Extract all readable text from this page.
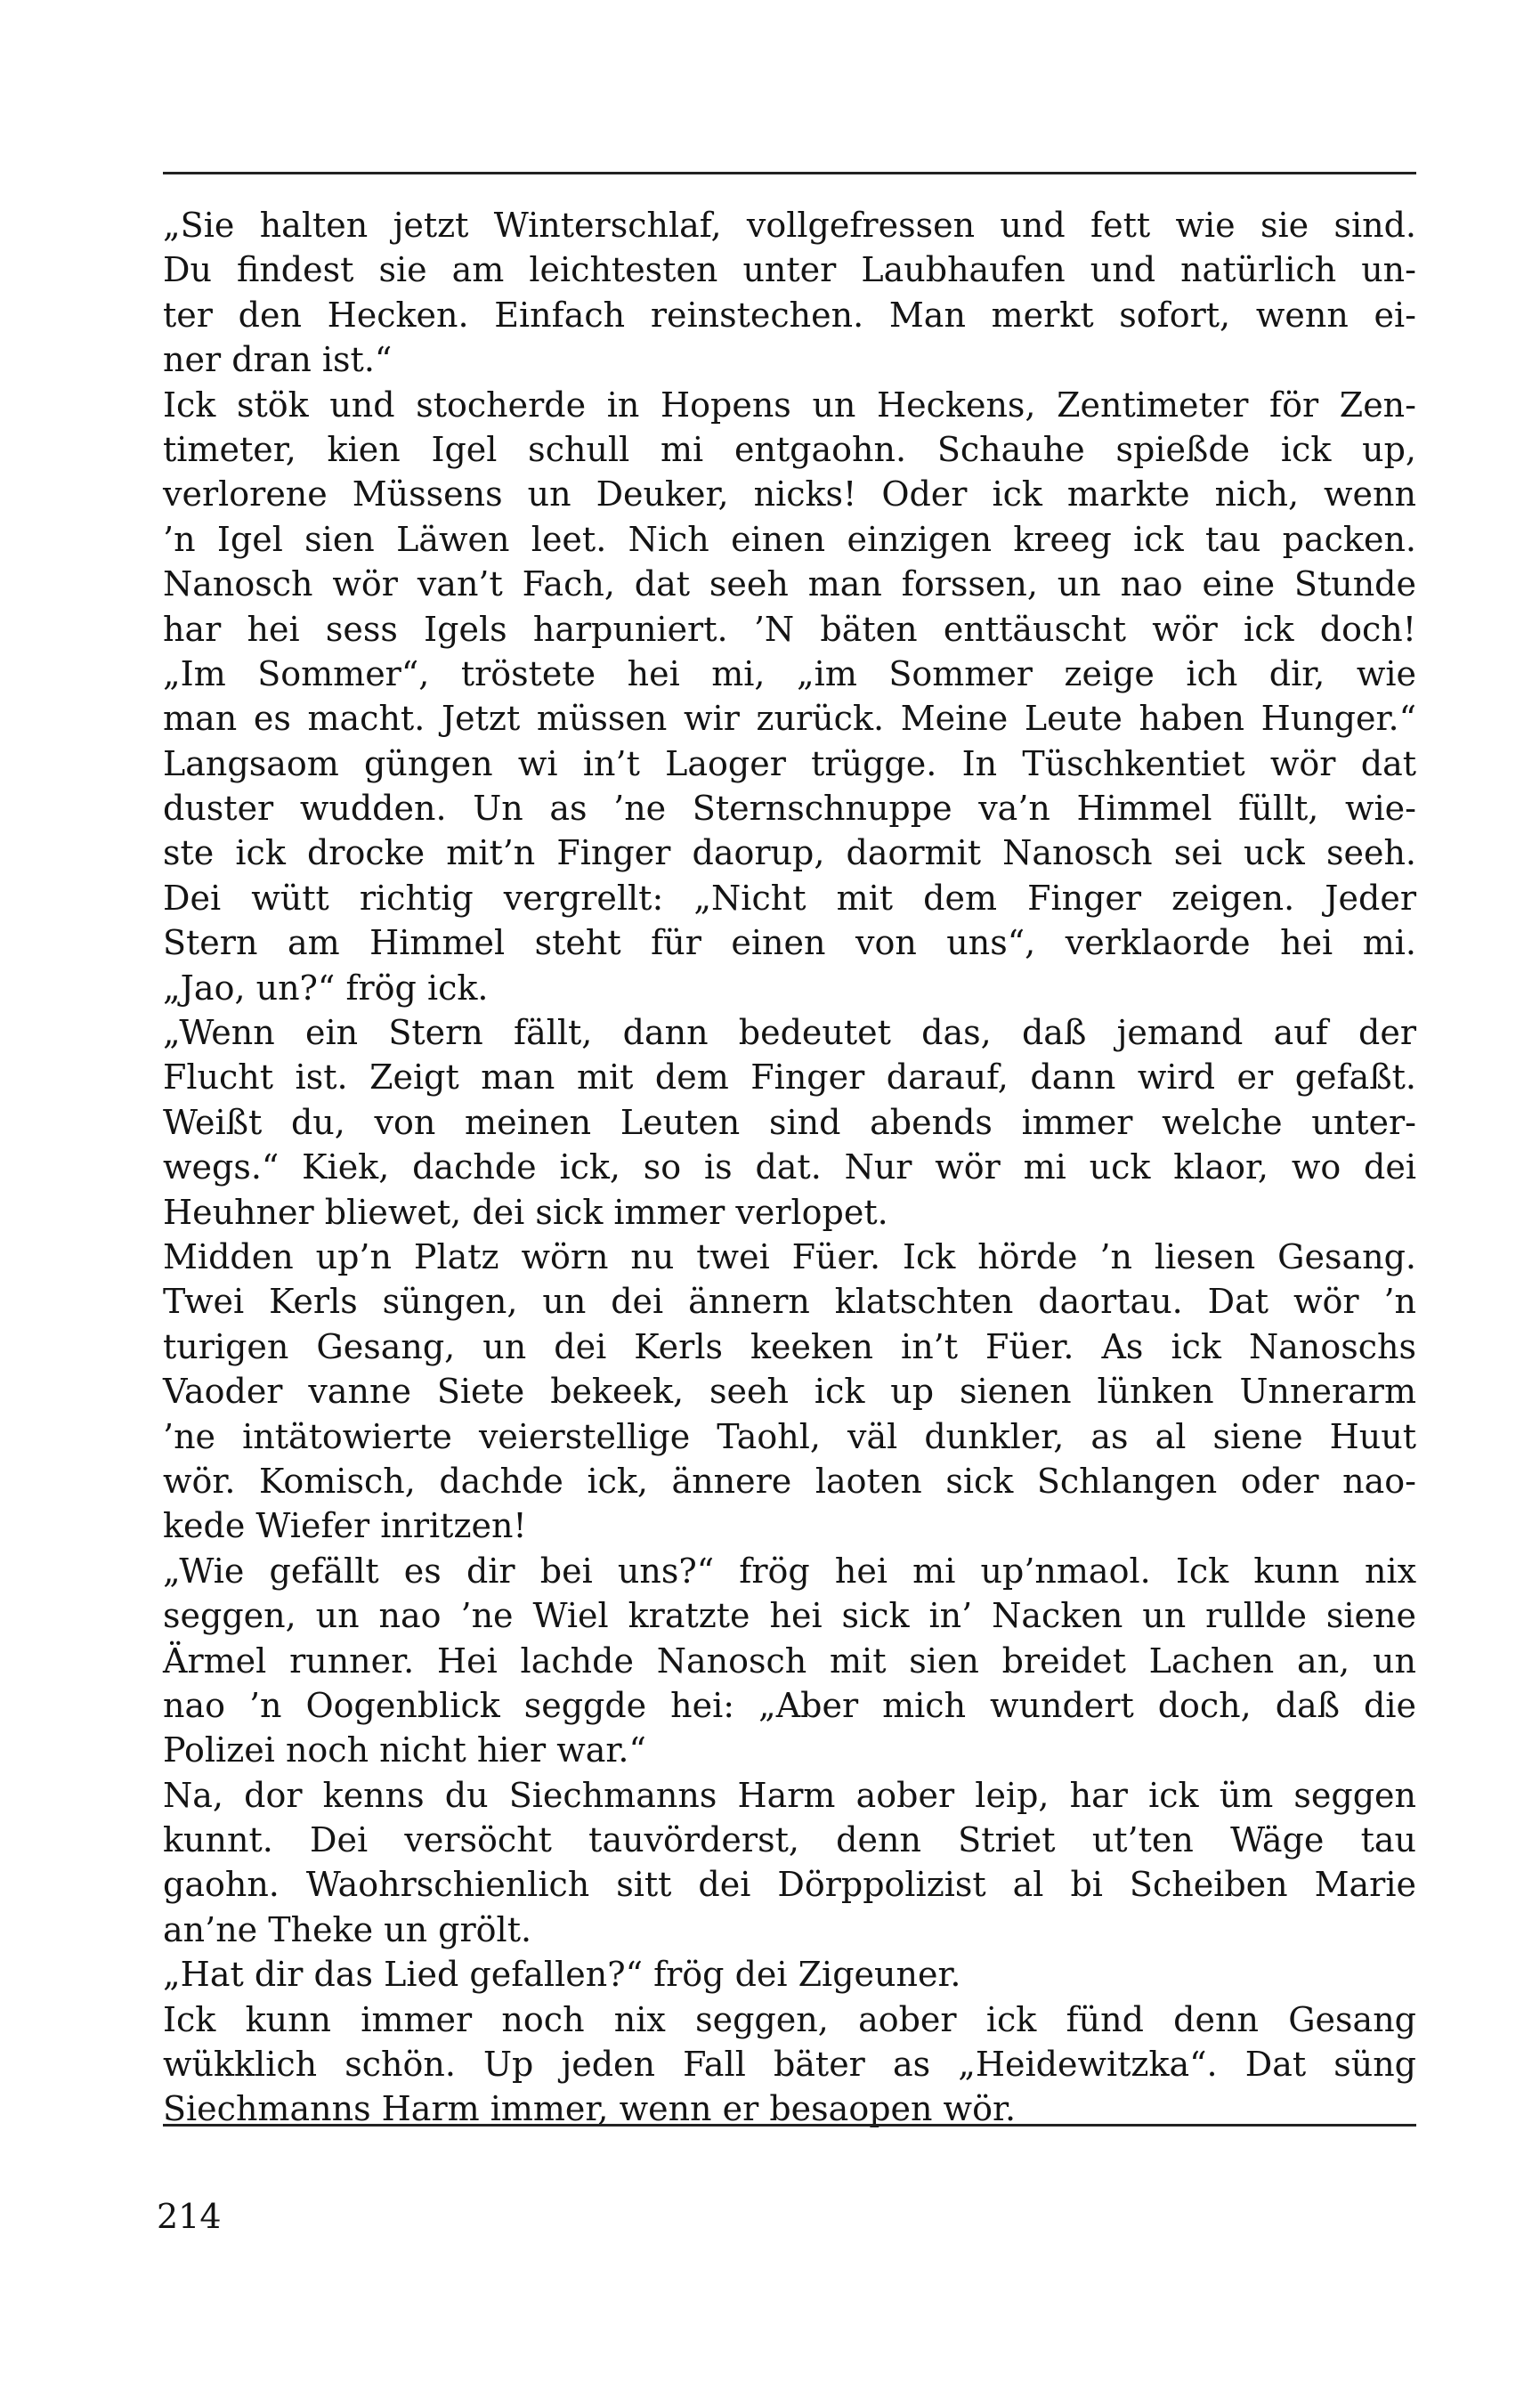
„Sie halten jetzt Winterschlaf, vollgefressen und fett wie sie sind.
Du findest sie am leichtesten unter Laubhaufen und natürlich un-
ter den Hecken. Einfach reinstechen. Man merkt sofort, wenn ei-
ner dran ist.“
Ick stök und stocherde in Hopens un Heckens, Zentimeter för Zen-
timeter, kien Igel schull mi entgaohn. Schauhe spießde ick up,
verlorene Müssens un Deuker, nicks! Oder ick markte nich, wenn
’n Igel sien Läwen leet. Nich einen einzigen kreeg ick tau packen.
Nanosch wör van’t Fach, dat seeh man forssen, un nao eine Stunde
har hei sess Igels harpuniert. ’N bäten enttäuscht wör ick doch!
„Im Sommer“, tröstete hei mi, „im Sommer zeige ich dir, wie
man es macht. Jetzt müssen wir zurück. Meine Leute haben Hunger.“
Langsaom güngen wi in’t Laoger trügge. In Tüschkentiet wör dat
duster wudden. Un as ’ne Sternschnuppe va’n Himmel füllt, wie-
ste ick drocke mit’n Finger daorup, daormit Nanosch sei uck seeh.
Dei wütt richtig vergrellt: „Nicht mit dem Finger zeigen. Jeder
Stern am Himmel steht für einen von uns“, verklaorde hei mi.
„Jao, un?“ frög ick.
„Wenn ein Stern fällt, dann bedeutet das, daß jemand auf der
Flucht ist. Zeigt man mit dem Finger darauf, dann wird er gefaßt.
Weißt du, von meinen Leuten sind abends immer welche unter-
wegs.“ Kiek, dachde ick, so is dat. Nur wör mi uck klaor, wo dei
Heuhner bliewet, dei sick immer verlopet.
Midden up’n Platz wörn nu twei Füer. Ick hörde ’n liesen Gesang.
Twei Kerls süngen, un dei ännern klatschten daortau. Dat wör ’n
turigen Gesang, un dei Kerls keeken in’t Füer. As ick Nanoschs
Vaoder vanne Siete bekeek, seeh ick up sienen lünken Unnerarm
’ne intätowierte veierstellige Taohl, väl dunkler, as al siene Huut
wör. Komisch, dachde ick, ännere laoten sick Schlangen oder nao-
kede Wiefer inritzen!
„Wie gefällt es dir bei uns?“ frög hei mi up’nmaol. Ick kunn nix
seggen, un nao ’ne Wiel kratzte hei sick in’ Nacken un rullde siene
Ärmel runner. Hei lachde Nanosch mit sien breidet Lachen an, un
nao ’n Oogenblick seggde hei: „Aber mich wundert doch, daß die
Polizei noch nicht hier war.“
Na, dor kenns du Siechmanns Harm aober leip, har ick üm seggen
kunnt. Dei versöcht tauvörderst, denn Striet ut’ten Wäge tau
gaohn. Waohrschienlich sitt dei Dörppolizist al bi Scheiben Marie
an’ne Theke un grölt.
„Hat dir das Lied gefallen?“ frög dei Zigeuner.
Ick kunn immer noch nix seggen, aober ick fünd denn Gesang
wükklich schön. Up jeden Fall bäter as „Heidewitzka“. Dat süng
Siechmanns Harm immer, wenn er besaopen wör.
214
